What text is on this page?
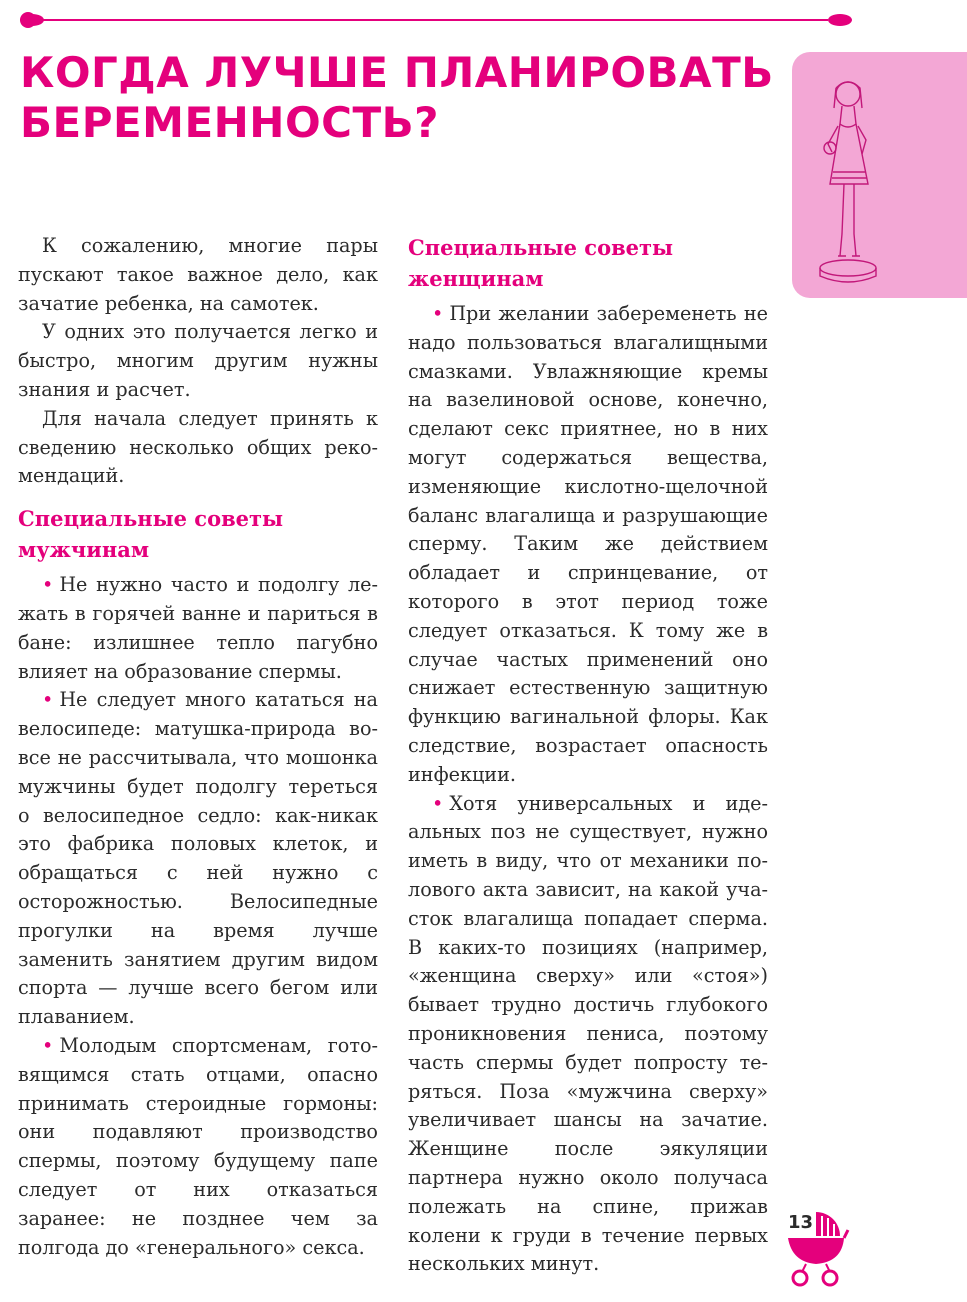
КОГДА ЛУЧШЕ ПЛАНИРОВАТЬ
БЕРЕМЕННОСТЬ?

К сожалению, многие пары пускают такое важное дело, как зачатие ребенка, на самотек.

У одних это получается легко и быстро, многим другим нужны знания и расчет.

Для начала следует принять к сведению несколько общих рекомендаций.

Специальные советы мужчинам

• Не нужно часто и подолгу лежать в горячей ванне и париться в бане: излишнее тепло пагубно влияет на образование спермы.

• Не следует много кататься на велосипеде: матушка-природа вовсе не рассчитывала, что мошонка мужчины будет подолгу тереться о велосипедное седло: как-никак это фабрика половых клеток, и обращаться с ней нужно с осторожностью. Велосипедные прогулки на время лучше заменить занятием другим видом спорта — лучше всего бегом или плаванием.

• Молодым спортсменам, готовящимся стать отцами, опасно принимать стероидные гормоны: они подавляют производство спермы, поэтому будущему папе следует от них отказаться заранее: не позднее чем за полгода до «генерального» секса.

Специальные советы женщинам

• При желании забеременеть не надо пользоваться влагалищными смазками. Увлажняющие кремы на вазелиновой основе, конечно, сделают секс приятнее, но в них могут содержаться вещества, изменяющие кислотно-щелочной баланс влагалища и разрушающие сперму. Таким же действием обладает и спринцевание, от которого в этот период тоже следует отказаться. К тому же в случае частых применений оно снижает естественную защитную функцию вагинальной флоры. Как следствие, возрастает опасность инфекции.

• Хотя универсальных и идеальных поз не существует, нужно иметь в виду, что от механики полового акта зависит, на какой участок влагалища попадает сперма. В каких-то позициях (например, «женщина сверху» или «стоя») бывает трудно достичь глубокого проникновения пениса, поэтому часть спермы будет попросту теряться. Поза «мужчина сверху» увеличивает шансы на зачатие. Женщине после эякуляции партнера нужно около получаса полежать на спине, прижав колени к груди в течение первых нескольких минут.

13
